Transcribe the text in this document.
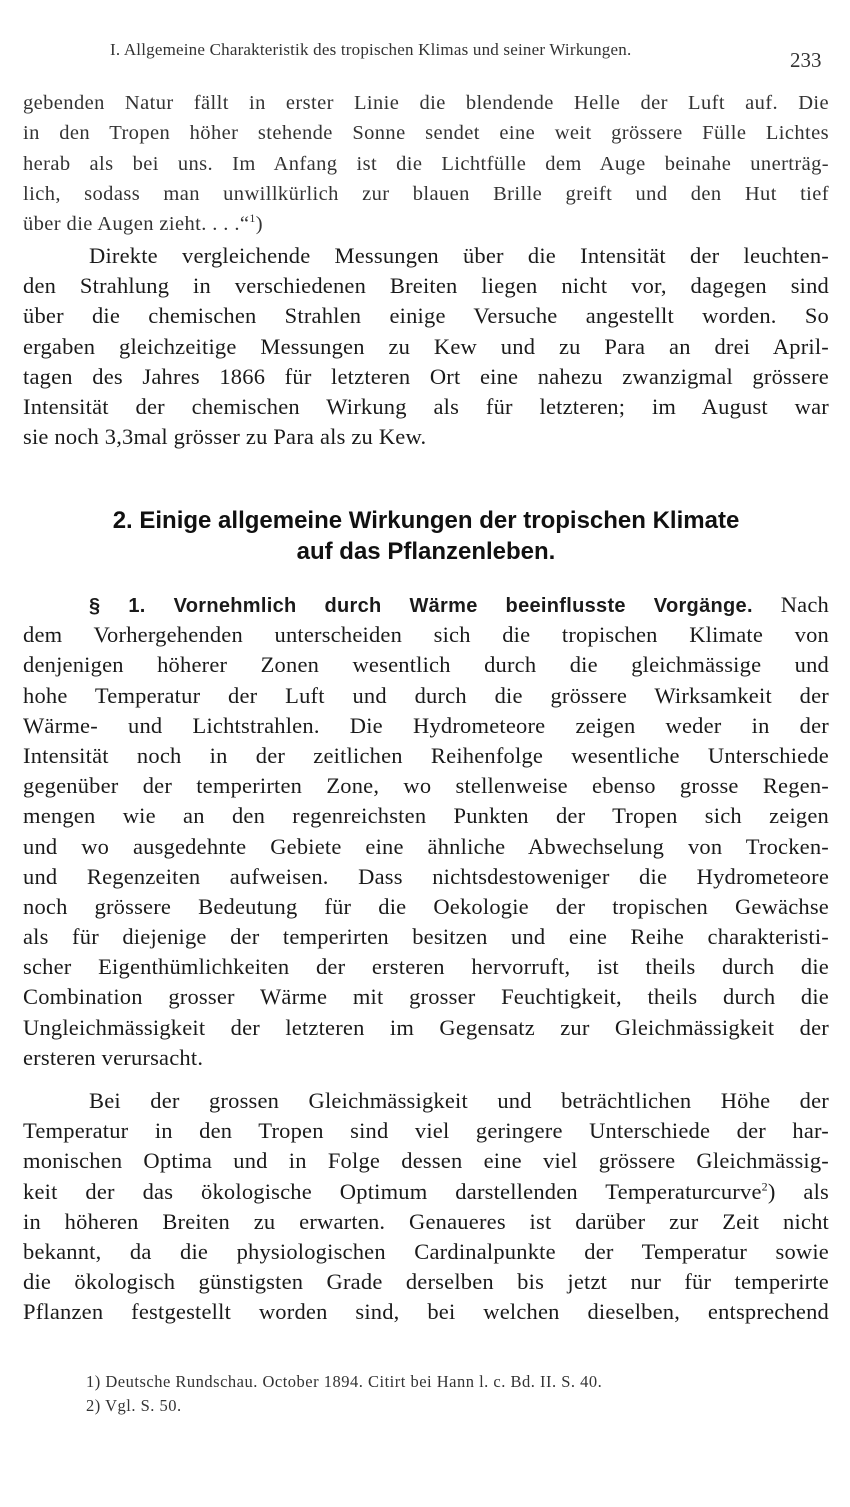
I. Allgemeine Charakteristik des tropischen Klimas und seiner Wirkungen.	233
gebenden Natur fällt in erster Linie die blendende Helle der Luft auf. Die
in den Tropen höher stehende Sonne sendet eine weit grössere Fülle Lichtes
herab als bei uns. Im Anfang ist die Lichtfülle dem Auge beinahe unerträg-
lich, sodass man unwillkürlich zur blauen Brille greift und den Hut tief
über die Augen zieht. . . .“$^1$)
Direkte vergleichende Messungen über die Intensität der leuchten-
den Strahlung in verschiedenen Breiten liegen nicht vor, dagegen sind
über die chemischen Strahlen einige Versuche angestellt worden. So
ergaben gleichzeitige Messungen zu Kew und zu Para an drei April-
tagen des Jahres 1866 für letzteren Ort eine nahezu zwanzigmal grössere
Intensität der chemischen Wirkung als für letzteren; im August war
sie noch 3,3mal grösser zu Para als zu Kew.
2. Einige allgemeine Wirkungen der tropischen Klimate
auf das Pflanzenleben.
§ 1. Vornehmlich durch Wärme beeinflusste Vorgänge. Nach
dem Vorhergehenden unterscheiden sich die tropischen Klimate von
denjenigen höherer Zonen wesentlich durch die gleichmässige und
hohe Temperatur der Luft und durch die grössere Wirksamkeit der
Wärme- und Lichtstrahlen. Die Hydrometeore zeigen weder in der
Intensität noch in der zeitlichen Reihenfolge wesentliche Unterschiede
gegenüber der temperirten Zone, wo stellenweise ebenso grosse Regen-
mengen wie an den regenreichsten Punkten der Tropen sich zeigen
und wo ausgedehnte Gebiete eine ähnliche Abwechselung von Trocken-
und Regenzeiten aufweisen. Dass nichtsdestoweniger die Hydrometeore
noch grössere Bedeutung für die Oekologie der tropischen Gewächse
als für diejenige der temperirten besitzen und eine Reihe charakteristi-
scher Eigenthümlichkeiten der ersteren hervorruft, ist theils durch die
Combination grosser Wärme mit grosser Feuchtigkeit, theils durch die
Ungleichmässigkeit der letzteren im Gegensatz zur Gleichmässigkeit der
ersteren verursacht.
Bei der grossen Gleichmässigkeit und beträchtlichen Höhe der
Temperatur in den Tropen sind viel geringere Unterschiede der har-
monischen Optima und in Folge dessen eine viel grössere Gleichmässig-
keit der das ökologische Optimum darstellenden Temperaturcurve$^2$) als
in höheren Breiten zu erwarten. Genaueres ist darüber zur Zeit nicht
bekannt, da die physiologischen Cardinalpunkte der Temperatur sowie
die ökologisch günstigsten Grade derselben bis jetzt nur für temperirte
Pflanzen festgestellt worden sind, bei welchen dieselben, entsprechend
1) Deutsche Rundschau. October 1894. Citirt bei Hann l. c. Bd. II. S. 40.
2) Vgl. S. 50.
